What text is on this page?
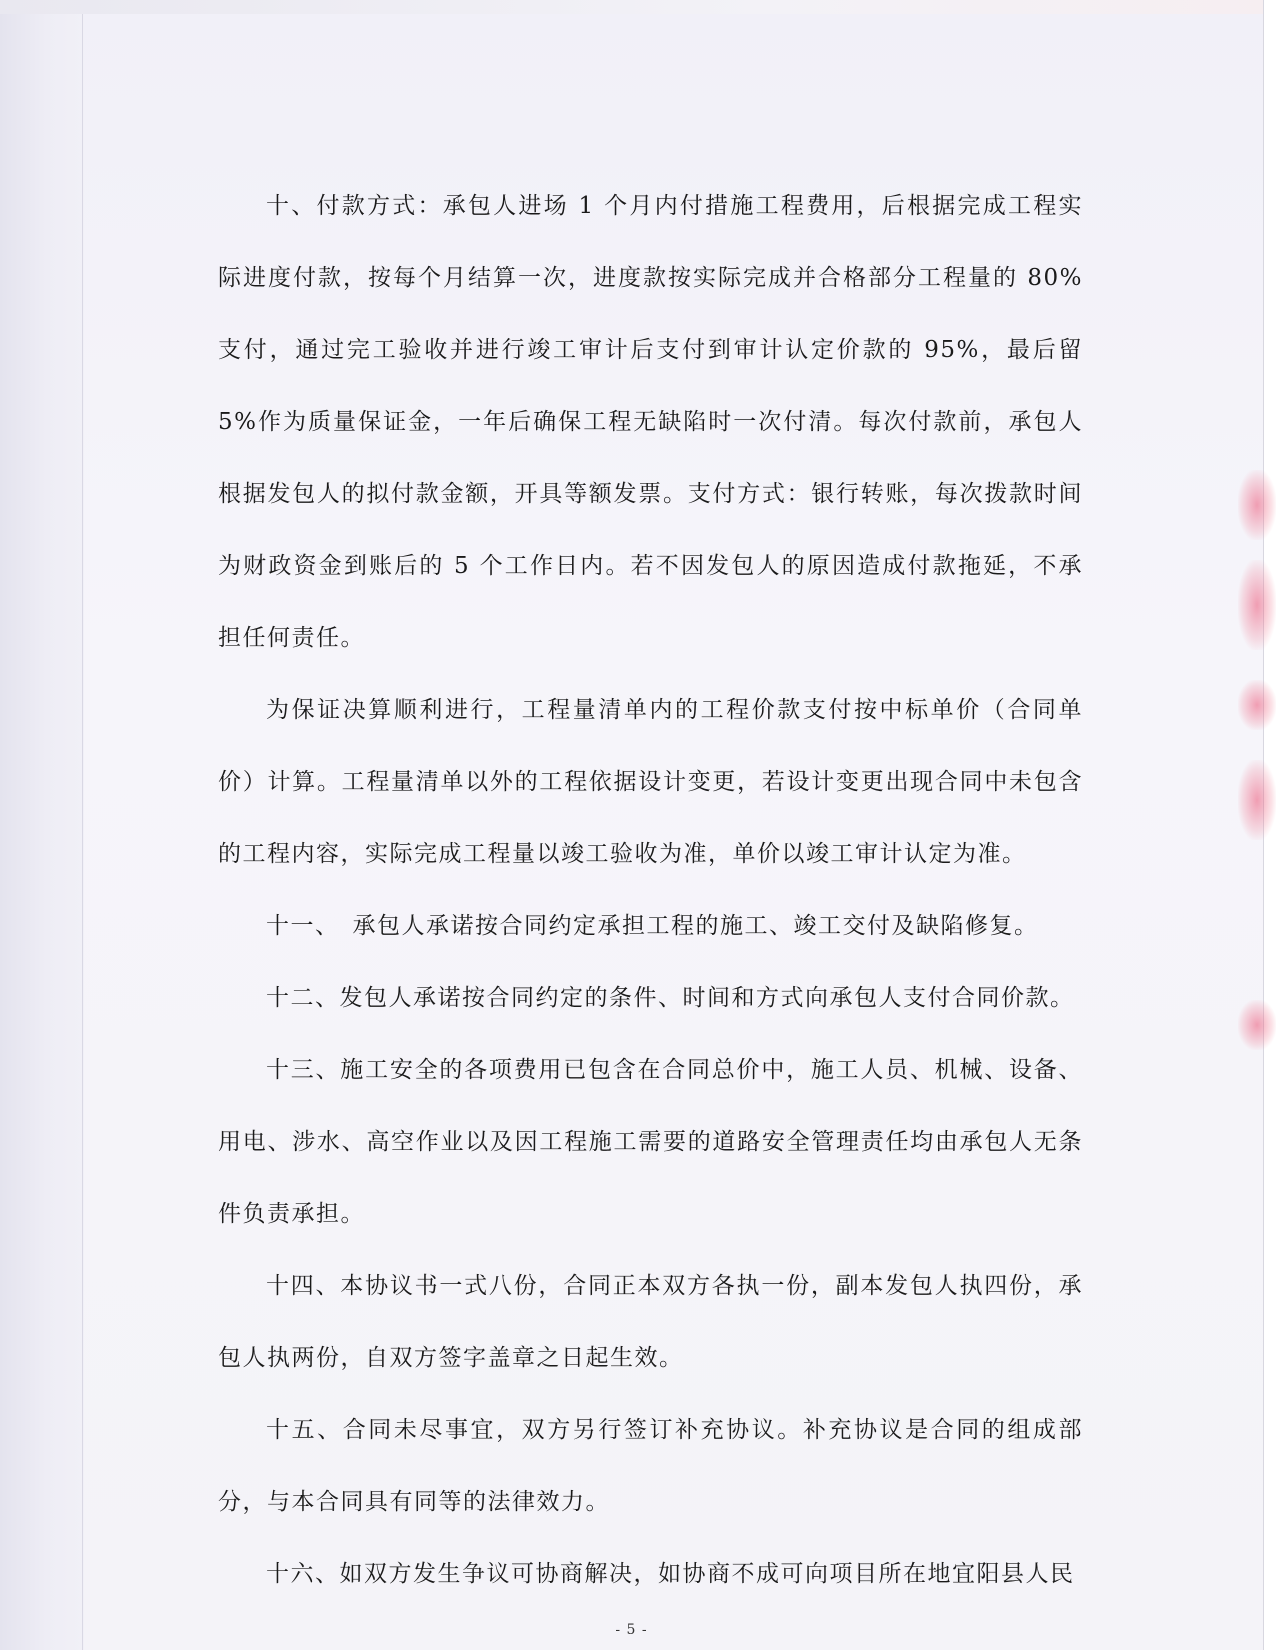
十、付款方式：承包人进场 1 个月内付措施工程费用，后根据完成工程实际进度付款，按每个月结算一次，进度款按实际完成并合格部分工程量的 80%支付，通过完工验收并进行竣工审计后支付到审计认定价款的 95%，最后留 5%作为质量保证金，一年后确保工程无缺陷时一次付清。每次付款前，承包人根据发包人的拟付款金额，开具等额发票。支付方式：银行转账，每次拨款时间为财政资金到账后的 5 个工作日内。若不因发包人的原因造成付款拖延，不承担任何责任。

为保证决算顺利进行，工程量清单内的工程价款支付按中标单价（合同单价）计算。工程量清单以外的工程依据设计变更，若设计变更出现合同中未包含的工程内容，实际完成工程量以竣工验收为准，单价以竣工审计认定为准。

十一、　承包人承诺按合同约定承担工程的施工、竣工交付及缺陷修复。

十二、发包人承诺按合同约定的条件、时间和方式向承包人支付合同价款。

十三、施工安全的各项费用已包含在合同总价中，施工人员、机械、设备、用电、涉水、高空作业以及因工程施工需要的道路安全管理责任均由承包人无条件负责承担。

十四、本协议书一式八份，合同正本双方各执一份，副本发包人执四份，承包人执两份，自双方签字盖章之日起生效。

十五、合同未尽事宜，双方另行签订补充协议。补充协议是合同的组成部分，与本合同具有同等的法律效力。

十六、如双方发生争议可协商解决，如协商不成可向项目所在地宜阳县人民

- 5 -
